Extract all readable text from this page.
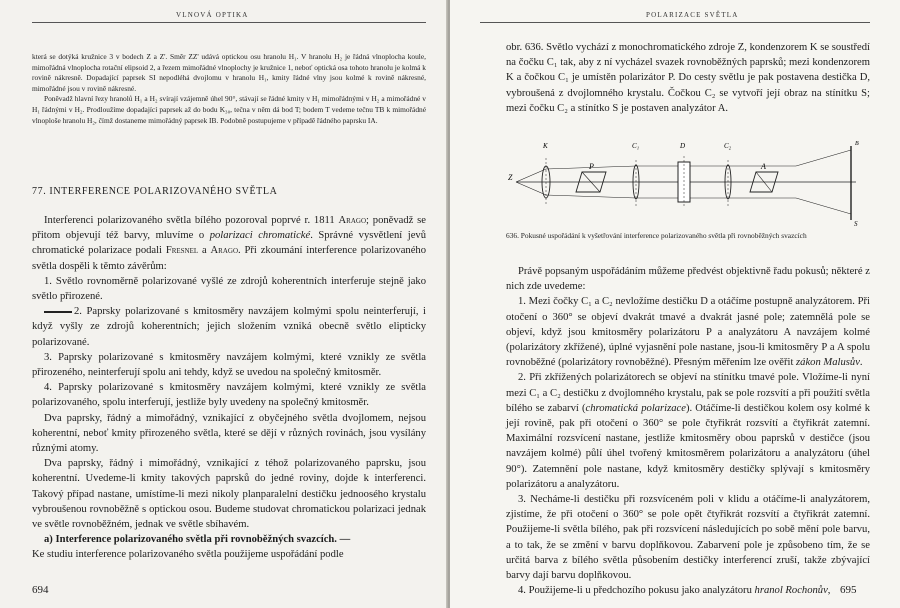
VLNOVÁ OPTIKA

která se dotýká kružnice 3 v bodech Z a Z'. Směr ZZ' udává optickou osu hranolu H₁. V hranolu H₂ je řádná vlnoplocha koule, mimořádná vlnoplocha rotační elipsoid 2, a řezem mimořádné vlnoplochy je kružnice 1, neboť optická osa tohoto hranolu je kolmá k rovině nákresně. Dopadající paprsek SI nepodléhá dvojlomu v hranolu H₁, kmity řádné vlny jsou kolmé k rovině nákresné, mimořádné jsou v rovině nákresné.

Poněvadž hlavní řezy hranolů H₁ a H₂ svírají vzájemně úhel 90°, stávají se řádné kmity v H₁ mimořádnými v H₂ a mimořádné v H₁ řádnými v H₂. Prodloužíme dopadající paprsek až do bodu K₃₀, tečna v něm dá bod T; bodem T vedeme tečnu TB k mimořádné vlnoploše hranolu H₂, čímž dostaneme mimořádný paprsek IB. Podobně postupujeme v případě řádného paprsku IA.

77. INTERFERENCE POLARIZOVANÉHO SVĚTLA

Interferenci polarizovaného světla bílého pozoroval poprvé r. 1811 Arago; poněvadž se přitom objevují též barvy, mluvíme o polarizaci chromatické. Správné vysvětlení jevů chromatické polarizace podali Fresnel a Arago. Při zkoumání interference polarizovaného světla dospěli k těmto závěrům:

1. Světlo rovnoměrně polarizované vyšlé ze zdrojů koherentních interferuje stejně jako světlo přirozené.

2. Paprsky polarizované s kmitosměry navzájem kolmými spolu neinterferují, i když vyšly ze zdrojů koherentních; jejich složením vzniká obecně světlo elipticky polarizované.

3. Paprsky polarizované s kmitosměry navzájem kolmými, které vznikly ze světla přirozeného, neinterferují spolu ani tehdy, když se uvedou na společný kmitosměr.

4. Paprsky polarizované s kmitosměry navzájem kolmými, které vznikly ze světla polarizovaného, spolu interferují, jestliže byly uvedeny na společný kmitosměr.

Dva paprsky, řádný a mimořádný, vznikající z obyčejného světla dvojlomem, nejsou koherentní, neboť kmity přirozeného světla, které se dějí v různých rovinách, jsou vysílány různými atomy.

Dva paprsky, řádný i mimořádný, vznikající z téhož polarizovaného paprsku, jsou koherentní. Uvedeme-li kmity takových paprsků do jedné roviny, dojde k interferenci. Takový případ nastane, umístíme-li mezi nikoly planparalelní destičku jednoosého krystalu vybroušenou rovnoběžně s optickou osou. Budeme studovat chromatickou polarizaci jednak ve světle rovnoběžném, jednak ve světle sbíhavém.

a) Interference polarizovaného světla při rovnoběžných svazcích. —

Ke studiu interference polarizovaného světla použijeme uspořádání podle

694
POLARIZACE SVĚTLA

obr. 636. Světlo vychází z monochromatického zdroje Z, kondenzorem K se soustředí na čočku C₁ tak, aby z ní vycházel svazek rovnoběžných paprsků; mezi kondenzorem K a čočkou C₁ je umístěn polarizátor P. Do cesty světlu je pak postavena destička D, vybroušená z dvojlomného krystalu. Čočkou C₂ se vytvoří její obraz na stínítku S; mezi čočku C₂ a stínítko S je postaven analyzátor A.

Z
K
P
C₁	D	C₂
A
B
S
636. Pokusné uspořádání k vyšetřování interference polarizovaného světla při rovnoběžných svazcích

Právě popsaným uspořádáním můžeme předvést objektivně řadu pokusů; některé z nich zde uvedeme:

1. Mezi čočky C₁ a C₂ nevložíme destičku D a otáčíme postupně analyzátorem. Při otočení o 360° se objeví dvakrát tmavé a dvakrát jasné pole; zatemnělá pole se objeví, když jsou kmitosměry polarizátoru P a analyzátoru A navzájem kolmé (polarizátory zkřížené), úplné vyjasnění pole nastane, jsou-li kmitosměry P a A spolu rovnoběžné (polarizátory rovnoběžné). Přesným měřením lze ověřit zákon Malusův.

2. Při zkřížených polarizátorech se objeví na stínítku tmavé pole. Vložíme-li nyní mezi C₁ a C₂ destičku z dvojlomného krystalu, pak se pole rozsvítí a při použití světla bílého se zabarví (chromatická polarizace). Otáčíme-li destičkou kolem osy kolmé k její rovině, pak při otočení o 360° se pole čtyřikrát rozsvítí a čtyřikrát zatemní. Maximální rozsvícení nastane, jestliže kmitosměry obou paprsků v destičce (jsou navzájem kolmé) půlí úhel tvořený kmitosměrem polarizátoru a analyzátoru (úhel 90°). Zatemnění pole nastane, když kmitosměry destičky splývají s kmitosměry polarizátoru a analyzátoru.

3. Necháme-li destičku při rozsvíceném poli v klidu a otáčíme-li analyzátorem, zjistíme, že při otočení o 360° se pole opět čtyřikrát rozsvítí a čtyřikrát zatemní. Použijeme-li světla bílého, pak při rozsvícení následujících po sobě mění pole barvu, a to tak, že se změní v barvu doplňkovou. Zabarvení pole je způsobeno tím, že se určitá barva z bílého světla působením destičky interferencí zruší, takže zbývající barvy dají barvu doplňkovou.

4. Použijeme-li u předchozího pokusu jako analyzátoru hranol Rochonův, 695
